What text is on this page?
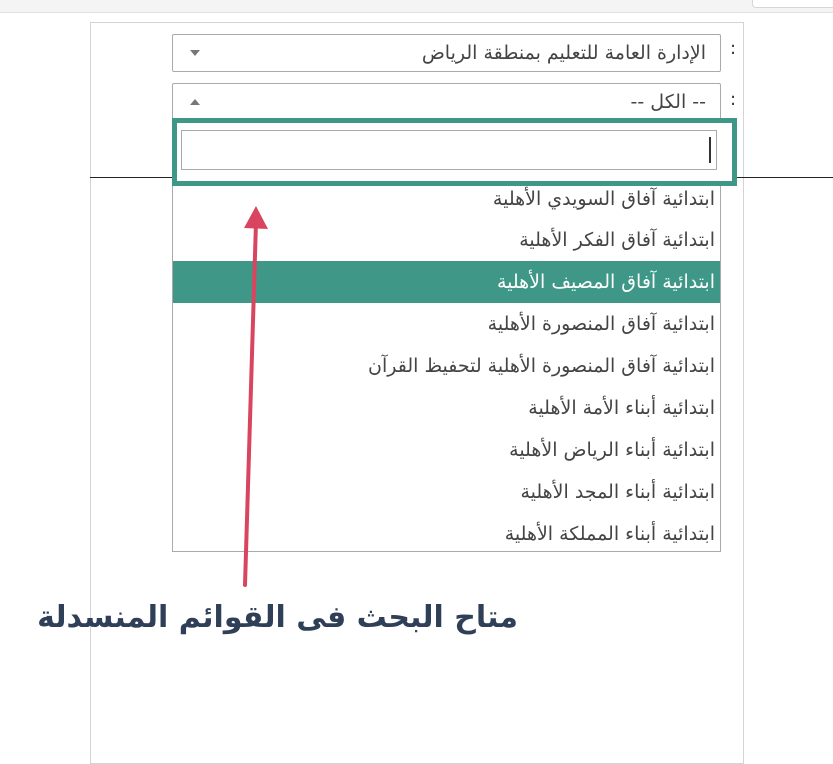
:
الإدارة العامة للتعليم بمنطقة الرياض
:
-- الكل --
ابتدائية آفاق السويدي الأهلية
ابتدائية آفاق الفكر الأهلية
ابتدائية آفاق المصيف الأهلية
ابتدائية آفاق المنصورة الأهلية
ابتدائية آفاق المنصورة الأهلية لتحفيظ القرآن
ابتدائية أبناء الأمة الأهلية
ابتدائية أبناء الرياض الأهلية
ابتدائية أبناء المجد الأهلية
ابتدائية أبناء المملكة الأهلية
متاح البحث فى القوائم المنسدلة
